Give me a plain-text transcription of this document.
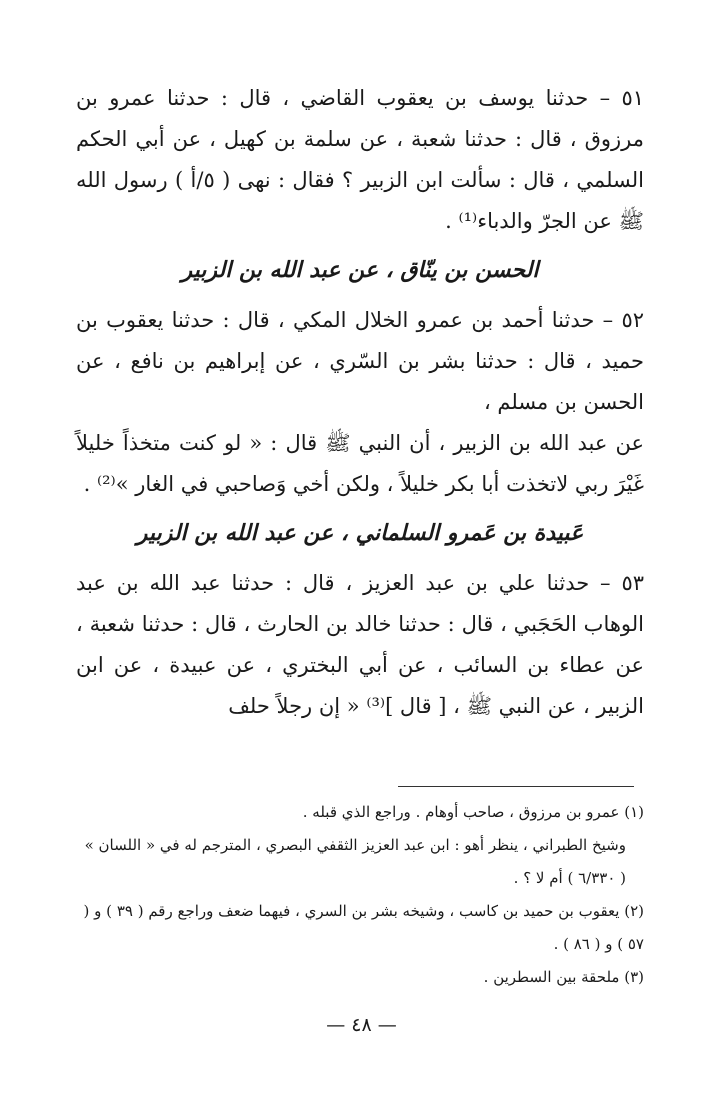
٥١ – حدثنا يوسف بن يعقوب القاضي ، قال : حدثنا عمرو بن مرزوق ، قال : حدثنا شعبة ، عن سلمة بن كهيل ، عن أبي الحكم السلمي ، قال : سألت ابن الزبير ؟ فقال : نهى ( ٥/أ ) رسول الله ﷺ عن الجرّ والدباء⁽¹⁾ .

الحسن بن ينّاق ، عن عبد الله بن الزبير

٥٢ – حدثنا أحمد بن عمرو الخلال المكي ، قال : حدثنا يعقوب بن حميد ، قال : حدثنا بشر بن السّري ، عن إبراهيم بن نافع ، عن الحسن بن مسلم ،

عن عبد الله بن الزبير ، أن النبي ﷺ قال : « لو كنت متخذاً خليلاً غَيْرَ ربي لاتخذت أبا بكر خليلاً ، ولكن أخي وَصاحبي في الغار »⁽²⁾ .

عَبيدة بن عَمرو السلماني ، عن عبد الله بن الزبير

٥٣ – حدثنا علي بن عبد العزيز ، قال : حدثنا عبد الله بن عبد الوهاب الحَجَبي ، قال : حدثنا خالد بن الحارث ، قال : حدثنا شعبة ، عن عطاء بن السائب ، عن أبي البختري ، عن عبيدة ، عن ابن الزبير ، عن النبي ﷺ ، [ قال ]⁽³⁾ « إن رجلاً حلف

(١) عمرو بن مرزوق ، صاحب أوهام . وراجع الذي قبله .

وشيخ الطبراني ، ينظر أهو : ابن عبد العزيز الثقفي البصري ، المترجم له في « اللسان » ( ٦/٣٣٠ ) أم لا ؟ .

(٢) يعقوب بن حميد بن كاسب ، وشيخه بشر بن السري ، فيهما ضعف وراجع رقم ( ٣٩ ) و ( ٥٧ ) و ( ٨٦ ) .

(٣) ملحقة بين السطرين .

— ٤٨ —
